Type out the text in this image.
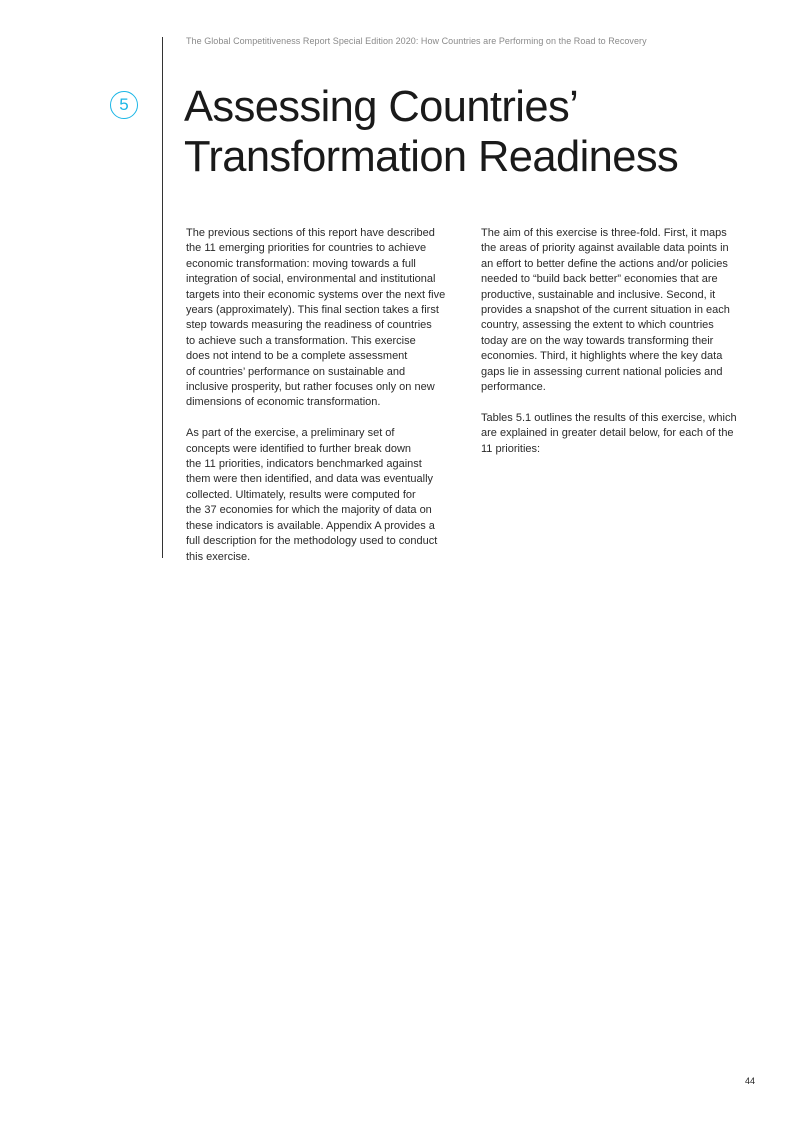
The Global Competitiveness Report Special Edition 2020: How Countries are Performing on the Road to Recovery
5 Assessing Countries’
Transformation Readiness

The previous sections of this report have described
the 11 emerging priorities for countries to achieve
economic transformation: moving towards a full
integration of social, environmental and institutional
targets into their economic systems over the next five
years (approximately). This final section takes a first
step towards measuring the readiness of countries
to achieve such a transformation. This exercise
does not intend to be a complete assessment
of countries’ performance on sustainable and
inclusive prosperity, but rather focuses only on new
dimensions of economic transformation.

As part of the exercise, a preliminary set of
concepts were identified to further break down
the 11 priorities, indicators benchmarked against
them were then identified, and data was eventually
collected. Ultimately, results were computed for
the 37 economies for which the majority of data on
these indicators is available. Appendix A provides a
full description for the methodology used to conduct
this exercise.

The aim of this exercise is three-fold. First, it maps
the areas of priority against available data points in
an effort to better define the actions and/or policies
needed to “build back better” economies that are
productive, sustainable and inclusive. Second, it
provides a snapshot of the current situation in each
country, assessing the extent to which countries
today are on the way towards transforming their
economies. Third, it highlights where the key data
gaps lie in assessing current national policies and
performance.

Tables 5.1 outlines the results of this exercise, which
are explained in greater detail below, for each of the
11 priorities:

44
